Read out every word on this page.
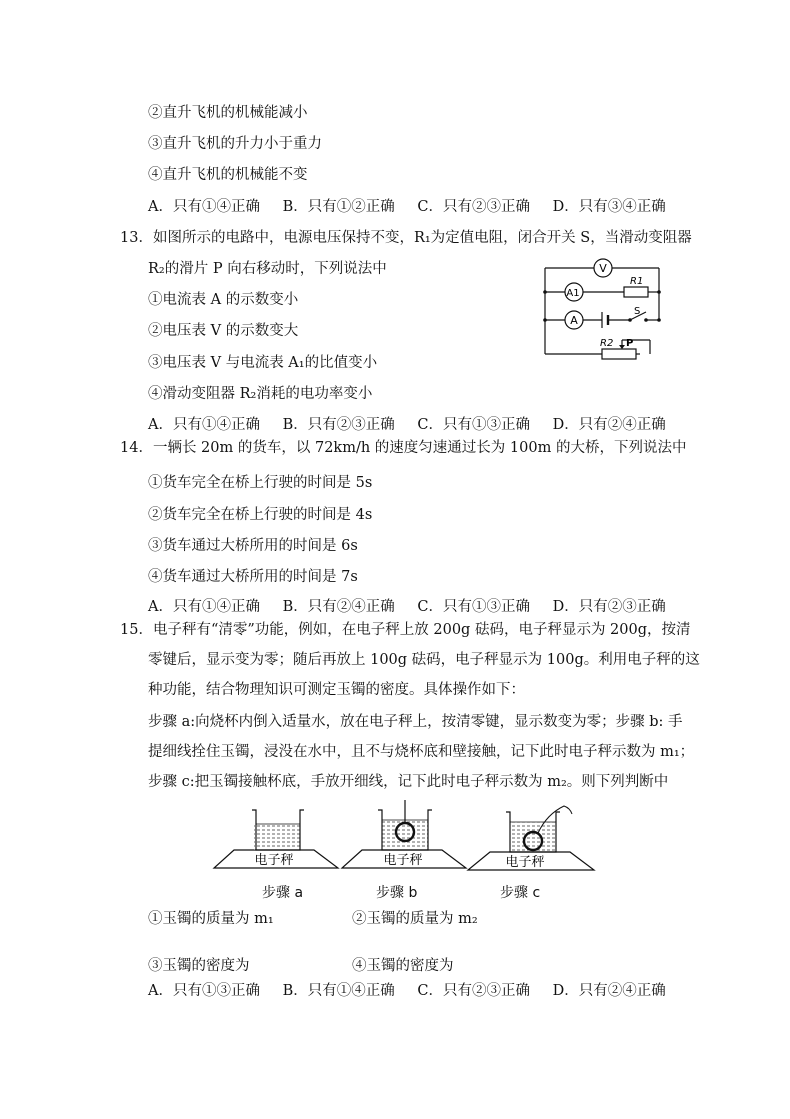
②直升飞机的机械能减小
③直升飞机的升力小于重力
④直升飞机的机械能不变
A．只有①④正确 B．只有①②正确 C．只有②③正确 D．只有③④正确
13．如图所示的电路中，电源电压保持不变，R₁为定值电阻，闭合开关 S，当滑动变阻器
R₂的滑片 P 向右移动时，下列说法中
①电流表 A 的示数变小
②电压表 V 的示数变大
③电压表 V 与电流表 A₁的比值变小
④滑动变阻器 R₂消耗的电功率变小
A．只有①④正确 B．只有②③正确 C．只有①③正确 D．只有②④正确
V
A1
A
R1
S
R2 P
14．一辆长 20m 的货车，以 72km/h 的速度匀速通过长为 100m 的大桥，下列说法中
①货车完全在桥上行驶的时间是 5s
②货车完全在桥上行驶的时间是 4s
③货车通过大桥所用的时间是 6s
④货车通过大桥所用的时间是 7s
A．只有①④正确 B．只有②④正确 C．只有①③正确 D．只有②③正确
15．电子秤有“清零”功能，例如，在电子秤上放 200g 砝码，电子秤显示为 200g，按清
零键后，显示变为零；随后再放上 100g 砝码，电子秤显示为 100g。利用电子秤的这
种功能，结合物理知识可测定玉镯的密度。具体操作如下：
步骤 a:向烧杯内倒入适量水，放在电子秤上，按清零键，显示数变为零；步骤 b: 手
提细线拴住玉镯，浸没在水中，且不与烧杯底和壁接触，记下此时电子秤示数为 m₁；
步骤 c:把玉镯接触杯底，手放开细线，记下此时电子秤示数为 m₂。则下列判断中
电子秤	电子秤	电子秤
步骤 a	步骤 b	步骤 c
①玉镯的质量为 m₁	②玉镯的质量为 m₂
③玉镯的密度为	④玉镯的密度为
A．只有①③正确 B．只有①④正确 C．只有②③正确 D．只有②④正确
